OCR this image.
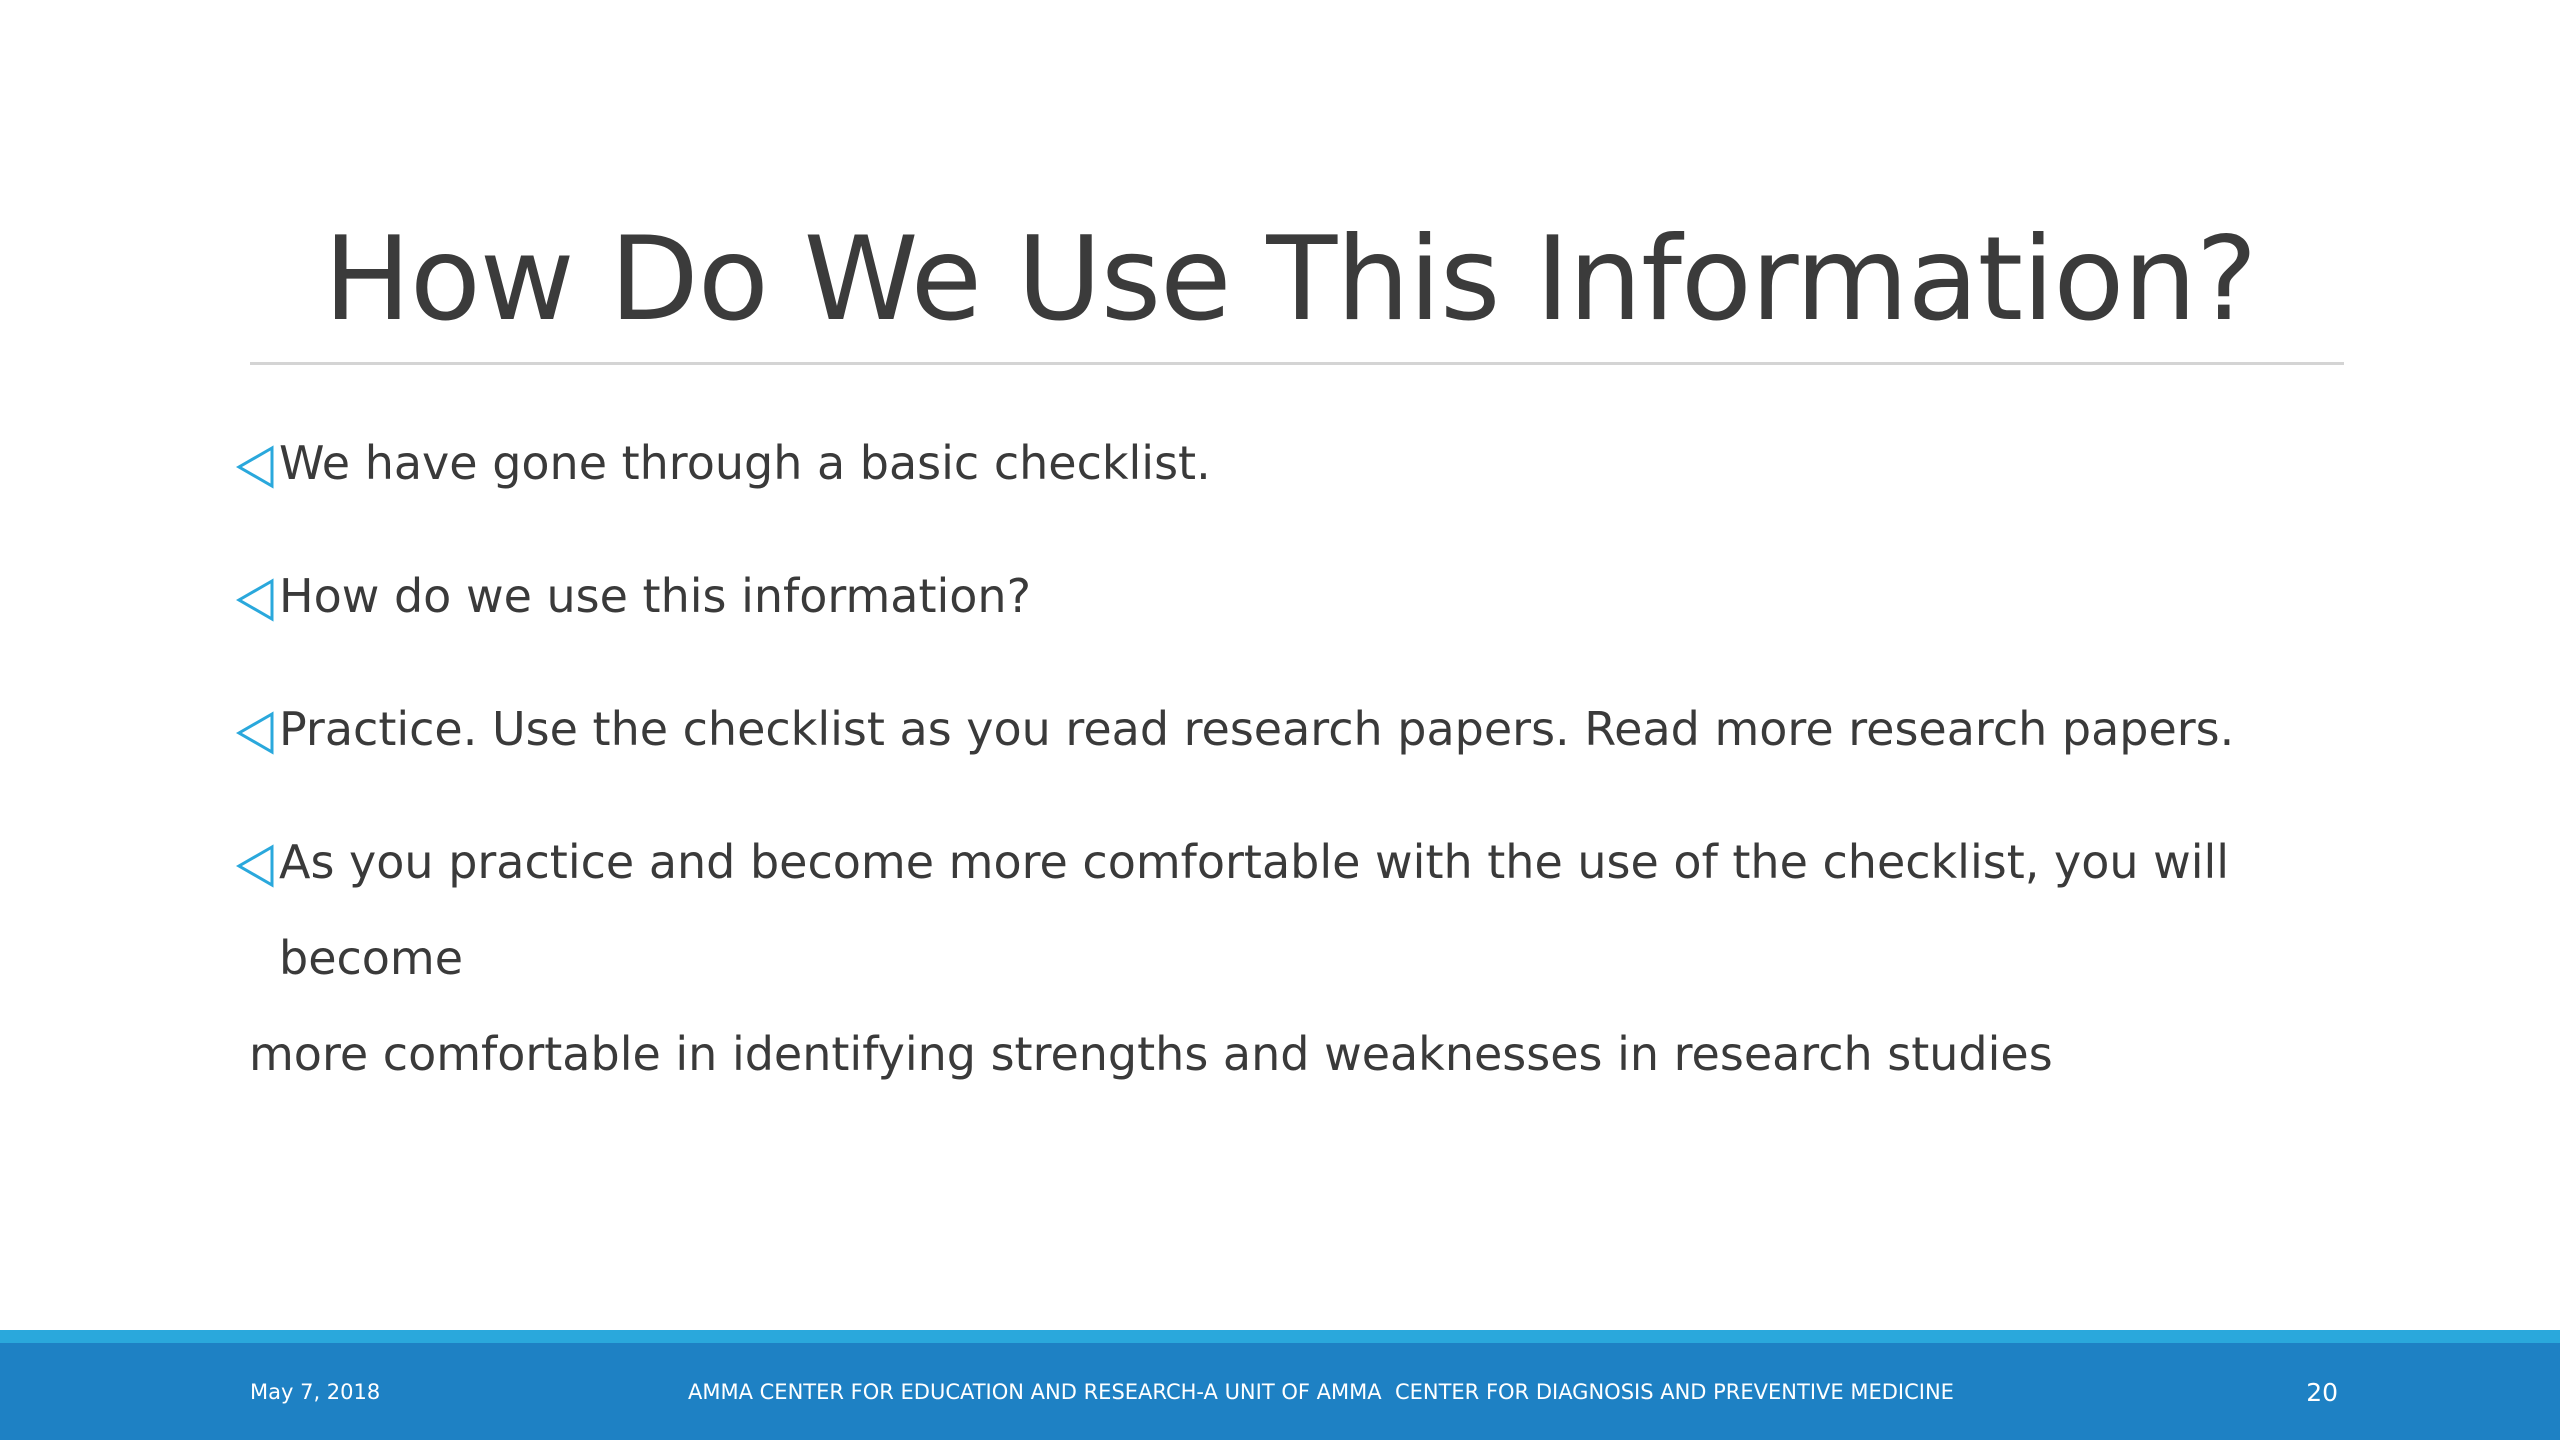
How Do We Use This Information?
We have gone through a basic checklist.
How do we use this information?
Practice. Use the checklist as you read research papers. Read more research papers.
As you practice and become more comfortable with the use of the checklist, you will become
more comfortable in identifying strengths and weaknesses in research studies
May 7, 2018	AMMA CENTER FOR EDUCATION AND RESEARCH-A UNIT OF AMMA  CENTER FOR DIAGNOSIS AND PREVENTIVE MEDICINE	20
